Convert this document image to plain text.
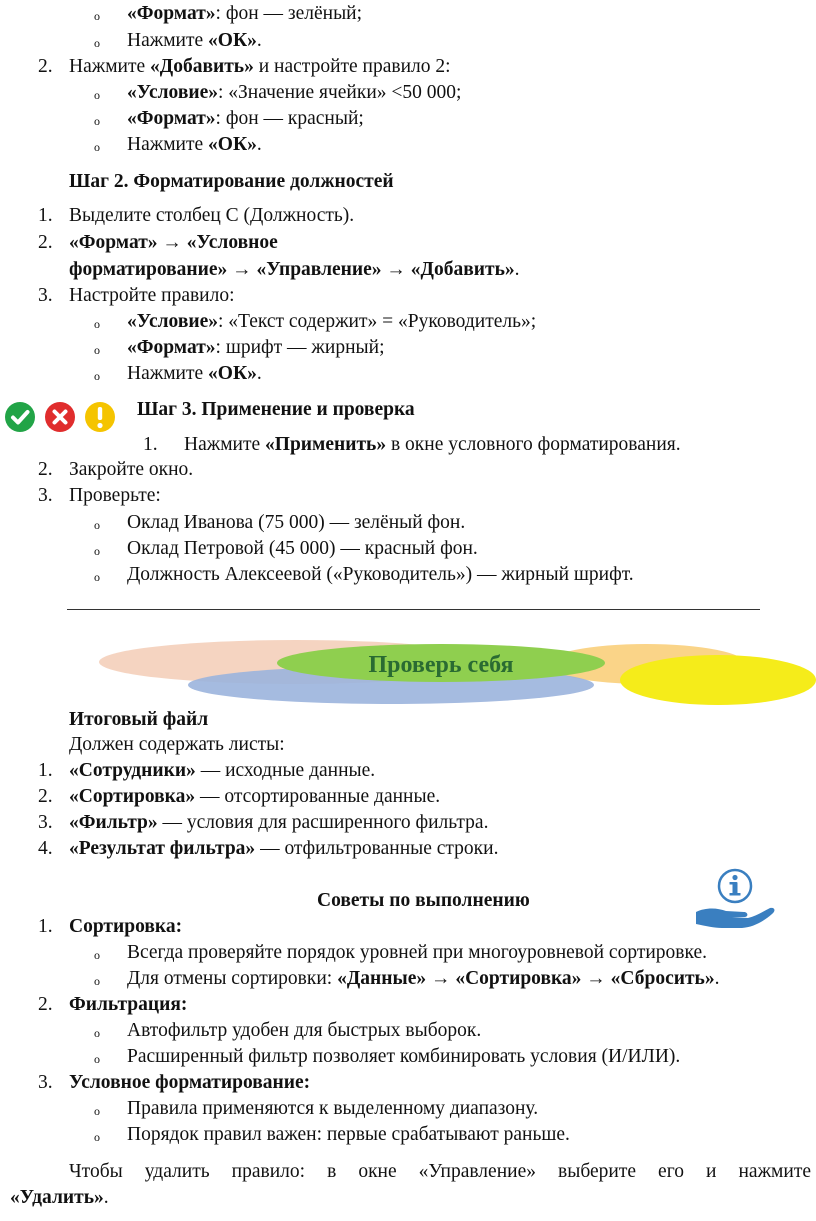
o «Формат»: фон — зелёный;
o Нажмите «ОК».
2. Нажмите «Добавить» и настройте правило 2:
o «Условие»: «Значение ячейки» <50 000;
o «Формат»: фон — красный;
o Нажмите «ОК».
Шаг 2. Форматирование должностей
1. Выделите столбец С (Должность).
2. «Формат» → «Условное
форматирование» → «Управление» → «Добавить».
3. Настройте правило:
o «Условие»: «Текст содержит» = «Руководитель»;
o «Формат»: шрифт — жирный;
o Нажмите «ОК».
Шаг 3. Применение и проверка
1. Нажмите «Применить» в окне условного форматирования.
2. Закройте окно.
3. Проверьте:
o Оклад Иванова (75 000) — зелёный фон.
o Оклад Петровой (45 000) — красный фон.
o Должность Алексеевой («Руководитель») — жирный шрифт.
Проверь себя
Итоговый файл
Должен содержать листы:
1. «Сотрудники» — исходные данные.
2. «Сортировка» — отсортированные данные.
3. «Фильтр» — условия для расширенного фильтра.
4. «Результат фильтра» — отфильтрованные строки.
Советы по выполнению
1. Сортировка:
o Всегда проверяйте порядок уровней при многоуровневой сортировке.
o Для отмены сортировки: «Данные» → «Сортировка» → «Сбросить».
2. Фильтрация:
o Автофильтр удобен для быстрых выборок.
o Расширенный фильтр позволяет комбинировать условия (И/ИЛИ).
3. Условное форматирование:
o Правила применяются к выделенному диапазону.
o Порядок правил важен: первые срабатывают раньше.
Чтобы удалить правило: в окне «Управление» выберите его и нажмите
«Удалить».
